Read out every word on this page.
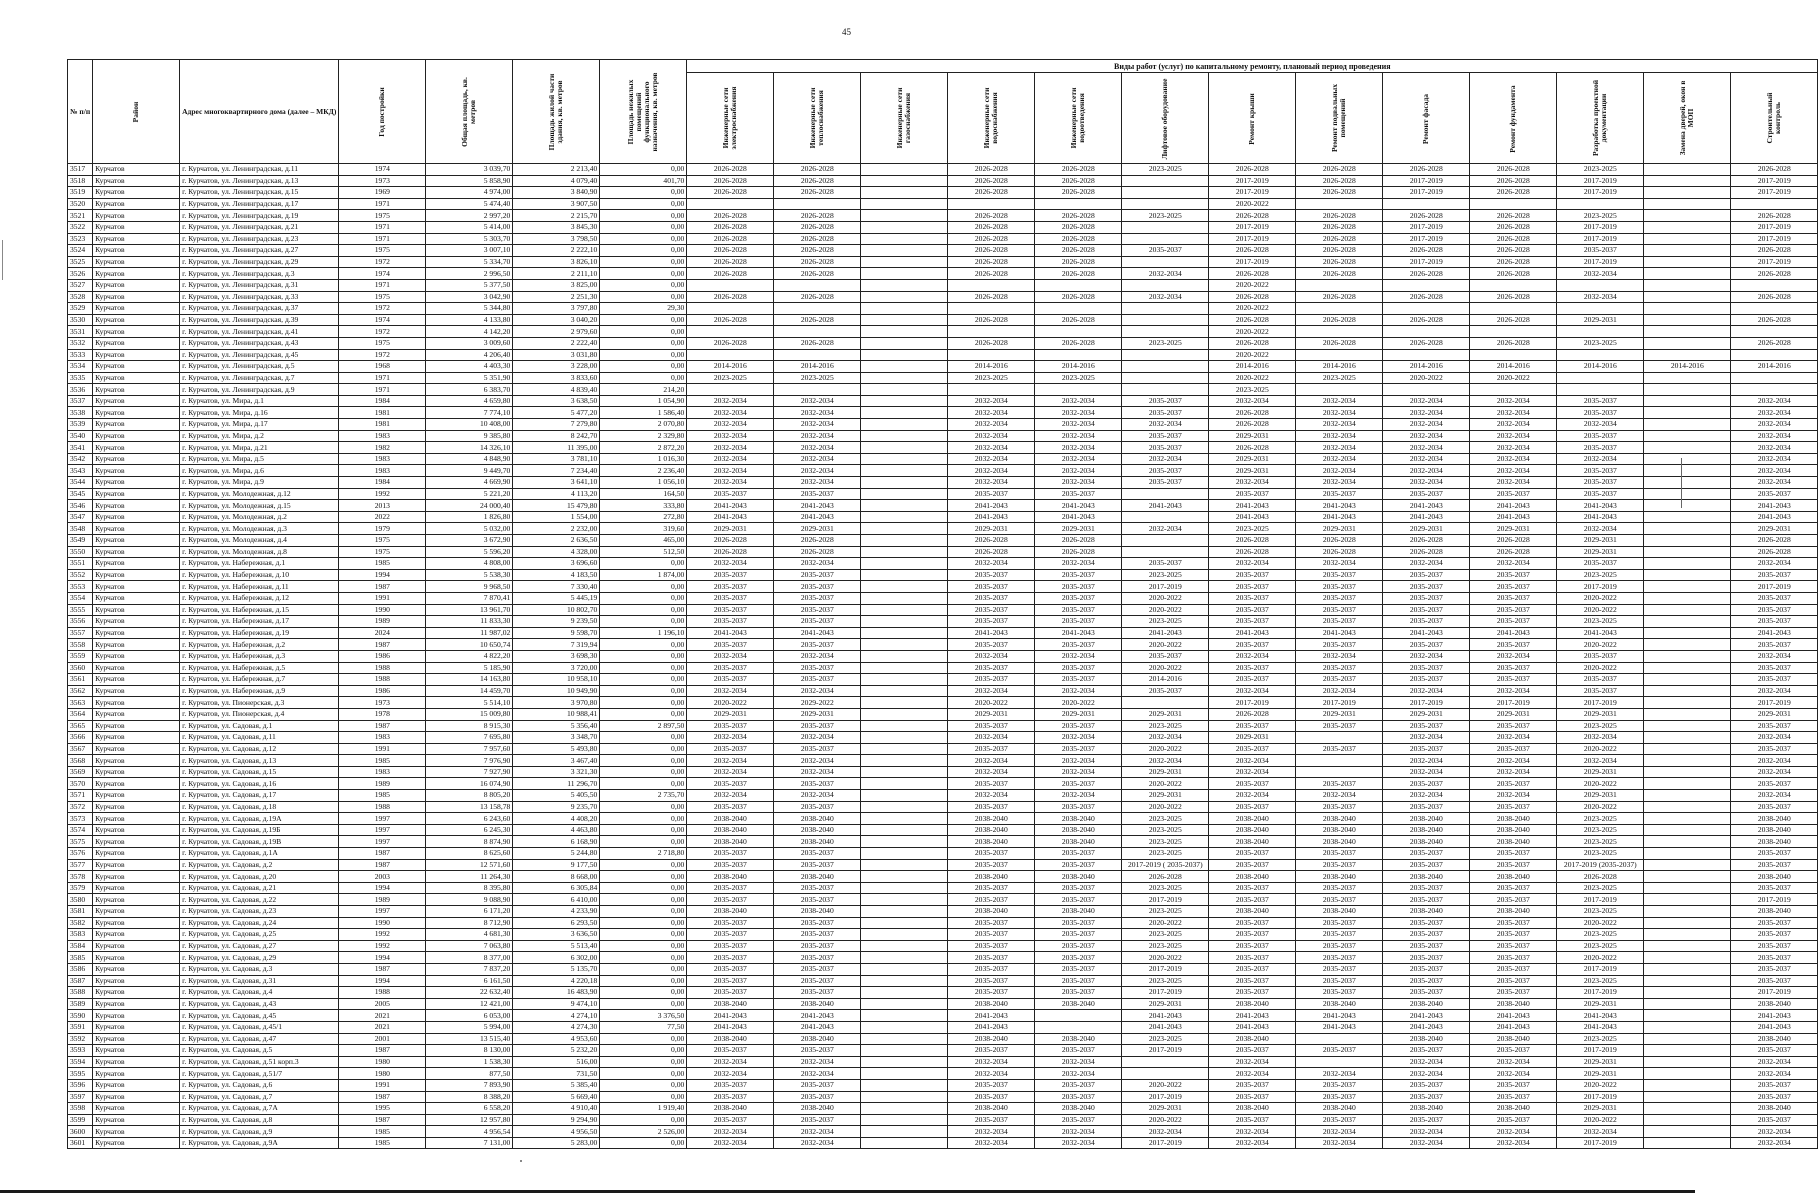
45
№ п/п	Район	Адрес многоквартирного дома (далее – МКД)	Год постройки	Общая площадь, кв. метров	Площадь жилой части здания, кв. метров	Площадь нежилых помещений функционального назначения, кв. метров	Виды работ (услуг) по капитальному ремонту, плановый период проведения												
							Инженерные сети электроснабжения	Инженерные сети теплоснабжения	Инженерные сети газоснабжения	Инженерные сети водоснабжения	Инженерные сети водоотведения	Лифтовое оборудование	Ремонт крыши	Ремонт подвальных помещений	Ремонт фасада	Ремонт фундамента	Разработка проектной документации	Замена дверей, окон в МОП	Строительный контроль
3517	Курчатов	г. Курчатов, ул. Ленинградская, д.11	1974	3 039,70	2 213,40	0,00	2026-2028	2026-2028		2026-2028	2026-2028	2023-2025	2026-2028	2026-2028	2026-2028	2026-2028	2023-2025		2026-2028
3518	Курчатов	г. Курчатов, ул. Ленинградская, д.13	1973	5 858,90	4 079,40	401,70	2026-2028	2026-2028		2026-2028	2026-2028		2017-2019	2026-2028	2017-2019	2026-2028	2017-2019		2017-2019
3519	Курчатов	г. Курчатов, ул. Ленинградская, д.15	1969	4 974,00	3 840,90	0,00	2026-2028	2026-2028		2026-2028	2026-2028		2017-2019	2026-2028	2017-2019	2026-2028	2017-2019		2017-2019
3520	Курчатов	г. Курчатов, ул. Ленинградская, д.17	1971	5 474,40	3 907,50	0,00							2020-2022						
3521	Курчатов	г. Курчатов, ул. Ленинградская, д.19	1975	2 997,20	2 215,70	0,00	2026-2028	2026-2028		2026-2028	2026-2028	2023-2025	2026-2028	2026-2028	2026-2028	2026-2028	2023-2025		2026-2028
3522	Курчатов	г. Курчатов, ул. Ленинградская, д.21	1971	5 414,00	3 845,30	0,00	2026-2028	2026-2028		2026-2028	2026-2028		2017-2019	2026-2028	2017-2019	2026-2028	2017-2019		2017-2019
3523	Курчатов	г. Курчатов, ул. Ленинградская, д.23	1971	5 303,70	3 798,50	0,00	2026-2028	2026-2028		2026-2028	2026-2028		2017-2019	2026-2028	2017-2019	2026-2028	2017-2019		2017-2019
3524	Курчатов	г. Курчатов, ул. Ленинградская, д.27	1975	3 007,10	2 222,10	0,00	2026-2028	2026-2028		2026-2028	2026-2028	2035-2037	2026-2028	2026-2028	2026-2028	2026-2028	2035-2037		2026-2028
3525	Курчатов	г. Курчатов, ул. Ленинградская, д.29	1972	5 334,70	3 826,10	0,00	2026-2028	2026-2028		2026-2028	2026-2028		2017-2019	2026-2028	2017-2019	2026-2028	2017-2019		2017-2019
3526	Курчатов	г. Курчатов, ул. Ленинградская, д.3	1974	2 996,50	2 211,10	0,00	2026-2028	2026-2028		2026-2028	2026-2028	2032-2034	2026-2028	2026-2028	2026-2028	2026-2028	2032-2034		2026-2028
3527	Курчатов	г. Курчатов, ул. Ленинградская, д.31	1971	5 377,50	3 825,00	0,00							2020-2022						
3528	Курчатов	г. Курчатов, ул. Ленинградская, д.33	1975	3 042,90	2 251,30	0,00	2026-2028	2026-2028		2026-2028	2026-2028	2032-2034	2026-2028	2026-2028	2026-2028	2026-2028	2032-2034		2026-2028
3529	Курчатов	г. Курчатов, ул. Ленинградская, д.37	1972	5 344,80	3 797,80	29,30							2020-2022						
3530	Курчатов	г. Курчатов, ул. Ленинградская, д.39	1974	4 133,80	3 040,20	0,00	2026-2028	2026-2028		2026-2028	2026-2028		2026-2028	2026-2028	2026-2028	2026-2028	2029-2031		2026-2028
3531	Курчатов	г. Курчатов, ул. Ленинградская, д.41	1972	4 142,20	2 979,60	0,00							2020-2022						
3532	Курчатов	г. Курчатов, ул. Ленинградская, д.43	1975	3 009,60	2 222,40	0,00	2026-2028	2026-2028		2026-2028	2026-2028	2023-2025	2026-2028	2026-2028	2026-2028	2026-2028	2023-2025		2026-2028
3533	Курчатов	г. Курчатов, ул. Ленинградская, д.45	1972	4 206,40	3 031,80	0,00							2020-2022						
3534	Курчатов	г. Курчатов, ул. Ленинградская, д.5	1968	4 403,30	3 228,00	0,00	2014-2016	2014-2016		2014-2016	2014-2016		2014-2016	2014-2016	2014-2016	2014-2016	2014-2016	2014-2016	2014-2016
3535	Курчатов	г. Курчатов, ул. Ленинградская, д.7	1971	5 351,90	3 833,60	0,00	2023-2025	2023-2025		2023-2025	2023-2025		2020-2022	2023-2025	2020-2022	2020-2022			
3536	Курчатов	г. Курчатов, ул. Ленинградская, д.9	1971	6 383,70	4 839,40	214,20							2023-2025						
3537	Курчатов	г. Курчатов, ул. Мира, д.1	1984	4 659,80	3 638,50	1 054,90	2032-2034	2032-2034		2032-2034	2032-2034	2035-2037	2032-2034	2032-2034	2032-2034	2032-2034	2035-2037		2032-2034
3538	Курчатов	г. Курчатов, ул. Мира, д.16	1981	7 774,10	5 477,20	1 586,40	2032-2034	2032-2034		2032-2034	2032-2034	2035-2037	2026-2028	2032-2034	2032-2034	2032-2034	2035-2037		2032-2034
3539	Курчатов	г. Курчатов, ул. Мира, д.17	1981	10 408,00	7 279,80	2 070,80	2032-2034	2032-2034		2032-2034	2032-2034	2032-2034	2026-2028	2032-2034	2032-2034	2032-2034	2032-2034		2032-2034
3540	Курчатов	г. Курчатов, ул. Мира, д.2	1983	9 385,80	8 242,70	2 329,80	2032-2034	2032-2034		2032-2034	2032-2034	2035-2037	2029-2031	2032-2034	2032-2034	2032-2034	2035-2037		2032-2034
3541	Курчатов	г. Курчатов, ул. Мира, д.21	1982	14 326,10	11 395,00	2 872,20	2032-2034	2032-2034		2032-2034	2032-2034	2035-2037	2026-2028	2032-2034	2032-2034	2032-2034	2035-2037		2032-2034
3542	Курчатов	г. Курчатов, ул. Мира, д.5	1983	4 848,90	3 781,10	1 016,30	2032-2034	2032-2034		2032-2034	2032-2034	2032-2034	2029-2031	2032-2034	2032-2034	2032-2034	2032-2034		2032-2034
3543	Курчатов	г. Курчатов, ул. Мира, д.6	1983	9 449,70	7 234,40	2 236,40	2032-2034	2032-2034		2032-2034	2032-2034	2035-2037	2029-2031	2032-2034	2032-2034	2032-2034	2035-2037		2032-2034
3544	Курчатов	г. Курчатов, ул. Мира, д.9	1984	4 669,90	3 641,10	1 056,10	2032-2034	2032-2034		2032-2034	2032-2034	2035-2037	2032-2034	2032-2034	2032-2034	2032-2034	2035-2037		2032-2034
3545	Курчатов	г. Курчатов, ул. Молодежная, д.12	1992	5 221,20	4 113,20	164,50	2035-2037	2035-2037		2035-2037	2035-2037		2035-2037	2035-2037	2035-2037	2035-2037	2035-2037		2035-2037
3546	Курчатов	г. Курчатов, ул. Молодежная, д.15	2013	24 000,40	15 479,80	333,80	2041-2043	2041-2043		2041-2043	2041-2043	2041-2043	2041-2043	2041-2043	2041-2043	2041-2043	2041-2043		2041-2043
3547	Курчатов	г. Курчатов, ул. Молодежная, д.2	2022	1 826,80	1 554,00	272,80	2041-2043	2041-2043		2041-2043	2041-2043		2041-2043	2041-2043	2041-2043	2041-2043	2041-2043		2041-2043
3548	Курчатов	г. Курчатов, ул. Молодежная, д.3	1979	5 032,00	2 232,00	319,60	2029-2031	2029-2031		2029-2031	2029-2031	2032-2034	2023-2025	2029-2031	2029-2031	2029-2031	2032-2034		2029-2031
3549	Курчатов	г. Курчатов, ул. Молодежная, д.4	1975	3 672,90	2 636,50	465,00	2026-2028	2026-2028		2026-2028	2026-2028		2026-2028	2026-2028	2026-2028	2026-2028	2029-2031		2026-2028
3550	Курчатов	г. Курчатов, ул. Молодежная, д.8	1975	5 596,20	4 328,00	512,50	2026-2028	2026-2028		2026-2028	2026-2028		2026-2028	2026-2028	2026-2028	2026-2028	2029-2031		2026-2028
3551	Курчатов	г. Курчатов, ул. Набережная, д.1	1985	4 808,00	3 696,60	0,00	2032-2034	2032-2034		2032-2034	2032-2034	2035-2037	2032-2034	2032-2034	2032-2034	2032-2034	2035-2037		2032-2034
3552	Курчатов	г. Курчатов, ул. Набережная, д.10	1994	5 538,30	4 183,50	1 874,00	2035-2037	2035-2037		2035-2037	2035-2037	2023-2025	2035-2037	2035-2037	2035-2037	2035-2037	2023-2025		2035-2037
3553	Курчатов	г. Курчатов, ул. Набережная, д.11	1987	9 968,50	7 330,40	0,00	2035-2037	2035-2037		2035-2037	2035-2037	2017-2019	2035-2037	2035-2037	2035-2037	2035-2037	2017-2019		2017-2019
3554	Курчатов	г. Курчатов, ул. Набережная, д.12	1991	7 870,41	5 445,19	0,00	2035-2037	2035-2037		2035-2037	2035-2037	2020-2022	2035-2037	2035-2037	2035-2037	2035-2037	2020-2022		2035-2037
3555	Курчатов	г. Курчатов, ул. Набережная, д.15	1990	13 961,70	10 802,70	0,00	2035-2037	2035-2037		2035-2037	2035-2037	2020-2022	2035-2037	2035-2037	2035-2037	2035-2037	2020-2022		2035-2037
3556	Курчатов	г. Курчатов, ул. Набережная, д.17	1989	11 833,30	9 239,50	0,00	2035-2037	2035-2037		2035-2037	2035-2037	2023-2025	2035-2037	2035-2037	2035-2037	2035-2037	2023-2025		2035-2037
3557	Курчатов	г. Курчатов, ул. Набережная, д.19	2024	11 987,02	9 598,70	1 196,10	2041-2043	2041-2043		2041-2043	2041-2043	2041-2043	2041-2043	2041-2043	2041-2043	2041-2043	2041-2043		2041-2043
3558	Курчатов	г. Курчатов, ул. Набережная, д.2	1987	10 650,74	7 319,94	0,00	2035-2037	2035-2037		2035-2037	2035-2037	2020-2022	2035-2037	2035-2037	2035-2037	2035-2037	2020-2022		2035-2037
3559	Курчатов	г. Курчатов, ул. Набережная, д.3	1986	4 822,20	3 698,30	0,00	2032-2034	2032-2034		2032-2034	2032-2034	2035-2037	2032-2034	2032-2034	2032-2034	2032-2034	2035-2037		2032-2034
3560	Курчатов	г. Курчатов, ул. Набережная, д.5	1988	5 185,90	3 720,00	0,00	2035-2037	2035-2037		2035-2037	2035-2037	2020-2022	2035-2037	2035-2037	2035-2037	2035-2037	2020-2022		2035-2037
3561	Курчатов	г. Курчатов, ул. Набережная, д.7	1988	14 163,80	10 958,10	0,00	2035-2037	2035-2037		2035-2037	2035-2037	2014-2016	2035-2037	2035-2037	2035-2037	2035-2037	2035-2037		2035-2037
3562	Курчатов	г. Курчатов, ул. Набережная, д.9	1986	14 459,70	10 949,90	0,00	2032-2034	2032-2034		2032-2034	2032-2034	2035-2037	2032-2034	2032-2034	2032-2034	2032-2034	2035-2037		2032-2034
3563	Курчатов	г. Курчатов, ул. Пионерская, д.3	1973	5 514,10	3 970,80	0,00	2020-2022	2029-2022		2020-2022	2020-2022		2017-2019	2017-2019	2017-2019	2017-2019	2017-2019		2017-2019
3564	Курчатов	г. Курчатов, ул. Пионерская, д.4	1978	15 009,80	10 988,41	0,00	2029-2031	2029-2031		2029-2031	2029-2031	2029-2031	2026-2028	2029-2031	2029-2031	2029-2031	2029-2031		2029-2031
3565	Курчатов	г. Курчатов, ул. Садовая, д.1	1987	8 915,30	5 356,40	2 897,50	2035-2037	2035-2037		2035-2037	2035-2037	2023-2025	2035-2037	2035-2037	2035-2037	2035-2037	2023-2025		2035-2037
3566	Курчатов	г. Курчатов, ул. Садовая, д.11	1983	7 695,80	3 348,70	0,00	2032-2034	2032-2034		2032-2034	2032-2034	2032-2034	2029-2031		2032-2034	2032-2034	2032-2034		2032-2034
3567	Курчатов	г. Курчатов, ул. Садовая, д.12	1991	7 957,60	5 493,80	0,00	2035-2037	2035-2037		2035-2037	2035-2037	2020-2022	2035-2037	2035-2037	2035-2037	2035-2037	2020-2022		2035-2037
3568	Курчатов	г. Курчатов, ул. Садовая, д.13	1985	7 976,90	3 467,40	0,00	2032-2034	2032-2034		2032-2034	2032-2034	2032-2034	2032-2034		2032-2034	2032-2034	2032-2034		2032-2034
3569	Курчатов	г. Курчатов, ул. Садовая, д.15	1983	7 927,90	3 321,30	0,00	2032-2034	2032-2034		2032-2034	2032-2034	2029-2031	2032-2034		2032-2034	2032-2034	2029-2031		2032-2034
3570	Курчатов	г. Курчатов, ул. Садовая, д.16	1989	16 074,90	11 296,70	0,00	2035-2037	2035-2037		2035-2037	2035-2037	2020-2022	2035-2037	2035-2037	2035-2037	2035-2037	2020-2022		2035-2037
3571	Курчатов	г. Курчатов, ул. Садовая, д.17	1985	8 805,20	5 405,50	2 735,70	2032-2034	2032-2034		2032-2034	2032-2034	2029-2031	2032-2034	2032-2034	2032-2034	2032-2034	2029-2031		2032-2034
3572	Курчатов	г. Курчатов, ул. Садовая, д.18	1988	13 158,78	9 235,70	0,00	2035-2037	2035-2037		2035-2037	2035-2037	2020-2022	2035-2037	2035-2037	2035-2037	2035-2037	2020-2022		2035-2037
3573	Курчатов	г. Курчатов, ул. Садовая, д.19А	1997	6 243,60	4 408,20	0,00	2038-2040	2038-2040		2038-2040	2038-2040	2023-2025	2038-2040	2038-2040	2038-2040	2038-2040	2023-2025		2038-2040
3574	Курчатов	г. Курчатов, ул. Садовая, д.19Б	1997	6 245,30	4 463,80	0,00	2038-2040	2038-2040		2038-2040	2038-2040	2023-2025	2038-2040	2038-2040	2038-2040	2038-2040	2023-2025		2038-2040
3575	Курчатов	г. Курчатов, ул. Садовая, д.19В	1997	8 874,90	6 168,90	0,00	2038-2040	2038-2040		2038-2040	2038-2040	2023-2025	2038-2040	2038-2040	2038-2040	2038-2040	2023-2025		2038-2040
3576	Курчатов	г. Курчатов, ул. Садовая, д.1А	1987	8 625,60	5 244,80	2 718,80	2035-2037	2035-2037		2035-2037	2035-2037	2023-2025	2035-2037	2035-2037	2035-2037	2035-2037	2023-2025		2035-2037
3577	Курчатов	г. Курчатов, ул. Садовая, д.2	1987	12 571,60	9 177,50	0,00	2035-2037	2035-2037		2035-2037	2035-2037	2017-2019 ( 2035-2037)	2035-2037	2035-2037	2035-2037	2035-2037	2017-2019 (2035-2037)		2035-2037
3578	Курчатов	г. Курчатов, ул. Садовая, д.20	2003	11 264,30	8 668,00	0,00	2038-2040	2038-2040		2038-2040	2038-2040	2026-2028	2038-2040	2038-2040	2038-2040	2038-2040	2026-2028		2038-2040
3579	Курчатов	г. Курчатов, ул. Садовая, д.21	1994	8 395,80	6 305,84	0,00	2035-2037	2035-2037		2035-2037	2035-2037	2023-2025	2035-2037	2035-2037	2035-2037	2035-2037	2023-2025		2035-2037
3580	Курчатов	г. Курчатов, ул. Садовая, д.22	1989	9 088,90	6 410,00	0,00	2035-2037	2035-2037		2035-2037	2035-2037	2017-2019	2035-2037	2035-2037	2035-2037	2035-2037	2017-2019		2017-2019
3581	Курчатов	г. Курчатов, ул. Садовая, д.23	1997	6 171,20	4 233,90	0,00	2038-2040	2038-2040		2038-2040	2038-2040	2023-2025	2038-2040	2038-2040	2038-2040	2038-2040	2023-2025		2038-2040
3582	Курчатов	г. Курчатов, ул. Садовая, д.24	1990	8 712,90	6 293,50	0,00	2035-2037	2035-2037		2035-2037	2035-2037	2020-2022	2035-2037	2035-2037	2035-2037	2035-2037	2020-2022		2035-2037
3583	Курчатов	г. Курчатов, ул. Садовая, д.25	1992	4 681,30	3 636,50	0,00	2035-2037	2035-2037		2035-2037	2035-2037	2023-2025	2035-2037	2035-2037	2035-2037	2035-2037	2023-2025		2035-2037
3584	Курчатов	г. Курчатов, ул. Садовая, д.27	1992	7 063,80	5 513,40	0,00	2035-2037	2035-2037		2035-2037	2035-2037	2023-2025	2035-2037	2035-2037	2035-2037	2035-2037	2023-2025		2035-2037
3585	Курчатов	г. Курчатов, ул. Садовая, д.29	1994	8 377,00	6 302,00	0,00	2035-2037	2035-2037		2035-2037	2035-2037	2020-2022	2035-2037	2035-2037	2035-2037	2035-2037	2020-2022		2035-2037
3586	Курчатов	г. Курчатов, ул. Садовая, д.3	1987	7 837,20	5 135,70	0,00	2035-2037	2035-2037		2035-2037	2035-2037	2017-2019	2035-2037	2035-2037	2035-2037	2035-2037	2017-2019		2035-2037
3587	Курчатов	г. Курчатов, ул. Садовая, д.31	1994	6 161,50	4 220,18	0,00	2035-2037	2035-2037		2035-2037	2035-2037	2023-2025	2035-2037	2035-2037	2035-2037	2035-2037	2023-2025		2035-2037
3588	Курчатов	г. Курчатов, ул. Садовая, д.4	1988	22 632,40	16 483,90	0,00	2035-2037	2035-2037		2035-2037	2035-2037	2017-2019	2035-2037	2035-2037	2035-2037	2035-2037	2017-2019		2017-2019
3589	Курчатов	г. Курчатов, ул. Садовая, д.43	2005	12 421,00	9 474,10	0,00	2038-2040	2038-2040		2038-2040	2038-2040	2029-2031	2038-2040	2038-2040	2038-2040	2038-2040	2029-2031		2038-2040
3590	Курчатов	г. Курчатов, ул. Садовая, д.45	2021	6 053,00	4 274,10	3 376,50	2041-2043	2041-2043		2041-2043		2041-2043	2041-2043	2041-2043	2041-2043	2041-2043	2041-2043		2041-2043
3591	Курчатов	г. Курчатов, ул. Садовая, д.45/1	2021	5 994,00	4 274,30	77,50	2041-2043	2041-2043		2041-2043		2041-2043	2041-2043	2041-2043	2041-2043	2041-2043	2041-2043		2041-2043
3592	Курчатов	г. Курчатов, ул. Садовая, д.47	2001	13 515,40	4 953,60	0,00	2038-2040	2038-2040		2038-2040	2038-2040	2023-2025	2038-2040		2038-2040	2038-2040	2023-2025		2038-2040
3593	Курчатов	г. Курчатов, ул. Садовая, д.5	1987	8 130,00	5 232,20	0,00	2035-2037	2035-2037		2035-2037	2035-2037	2017-2019	2035-2037	2035-2037	2035-2037	2035-2037	2017-2019		2035-2037
3594	Курчатов	г. Курчатов, ул. Садовая, д.51 корп.3	1980	1 538,30	516,00	0,00	2032-2034	2032-2034		2032-2034	2032-2034		2032-2034		2032-2034	2032-2034	2029-2031		2032-2034
3595	Курчатов	г. Курчатов, ул. Садовая, д.51/7	1980	877,50	731,50	0,00	2032-2034	2032-2034		2032-2034	2032-2034		2032-2034	2032-2034	2032-2034	2032-2034	2029-2031		2032-2034
3596	Курчатов	г. Курчатов, ул. Садовая, д.6	1991	7 893,90	5 385,40	0,00	2035-2037	2035-2037		2035-2037	2035-2037	2020-2022	2035-2037	2035-2037	2035-2037	2035-2037	2020-2022		2035-2037
3597	Курчатов	г. Курчатов, ул. Садовая, д.7	1987	8 388,20	5 669,40	0,00	2035-2037	2035-2037		2035-2037	2035-2037	2017-2019	2035-2037	2035-2037	2035-2037	2035-2037	2017-2019		2035-2037
3598	Курчатов	г. Курчатов, ул. Садовая, д.7А	1995	6 558,20	4 910,40	1 919,40	2038-2040	2038-2040		2038-2040	2038-2040	2029-2031	2038-2040	2038-2040	2038-2040	2038-2040	2029-2031		2038-2040
3599	Курчатов	г. Курчатов, ул. Садовая, д.8	1987	12 957,80	9 294,90	0,00	2035-2037	2035-2037		2035-2037	2035-2037	2020-2022	2035-2037	2035-2037	2035-2037	2035-2037	2020-2022		2035-2037
3600	Курчатов	г. Курчатов, ул. Садовая, д.9	1985	4 956,54	4 956,50	2 526,00	2032-2034	2032-2034		2032-2034	2032-2034	2032-2034	2032-2034	2032-2034	2032-2034	2032-2034	2032-2034		2032-2034
3601	Курчатов	г. Курчатов, ул. Садовая, д.9А	1985	7 131,00	5 283,00	0,00	2032-2034	2032-2034		2032-2034	2032-2034	2017-2019	2032-2034	2032-2034	2032-2034	2032-2034	2017-2019		2032-2034
